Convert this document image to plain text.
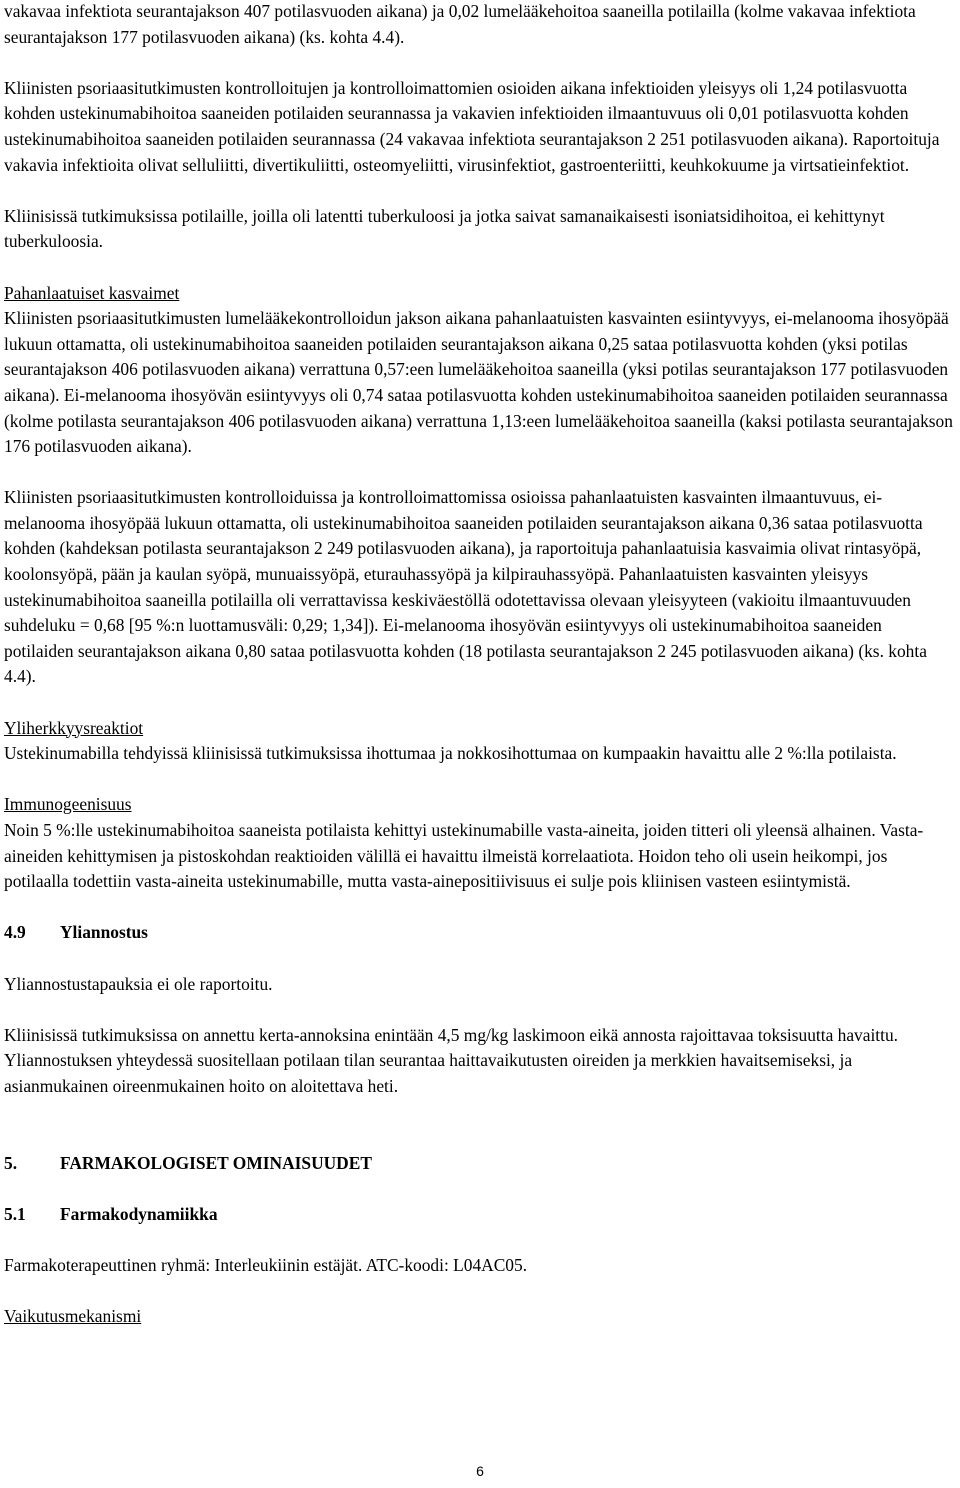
vakavaa infektiota seurantajakson 407 potilasvuoden aikana) ja 0,02 lumelääkehoitoa saaneilla potilailla (kolme vakavaa infektiota seurantajakson 177 potilasvuoden aikana) (ks. kohta 4.4).

Kliinisten psoriaasitutkimusten kontrolloitujen ja kontrolloimattomien osioiden aikana infektioiden yleisyys oli 1,24 potilasvuotta kohden ustekinumabihoitoa saaneiden potilaiden seurannassa ja vakavien infektioiden ilmaantuvuus oli 0,01 potilasvuotta kohden ustekinumabihoitoa saaneiden potilaiden seurannassa (24 vakavaa infektiota seurantajakson 2 251 potilasvuoden aikana). Raportoituja vakavia infektioita olivat selluliitti, divertikuliitti, osteomyeliitti, virusinfektiot, gastroenteriitti, keuhkokuume ja virtsatieinfektiot.

Kliinisissä tutkimuksissa potilaille, joilla oli latentti tuberkuloosi ja jotka saivat samanaikaisesti isoniatsidihoitoa, ei kehittynyt tuberkuloosia.

Pahanlaatuiset kasvaimet

Kliinisten psoriaasitutkimusten lumelääkekontrolloidun jakson aikana pahanlaatuisten kasvainten esiintyvyys, ei-melanooma ihosyöpää lukuun ottamatta, oli ustekinumabihoitoa saaneiden potilaiden seurantajakson aikana 0,25 sataa potilasvuotta kohden (yksi potilas seurantajakson 406 potilasvuoden aikana) verrattuna 0,57:een lumelääkehoitoa saaneilla (yksi potilas seurantajakson 177 potilasvuoden aikana). Ei-melanooma ihosyövän esiintyvyys oli 0,74 sataa potilasvuotta kohden ustekinumabihoitoa saaneiden potilaiden seurannassa (kolme potilasta seurantajakson 406 potilasvuoden aikana) verrattuna 1,13:een lumelääkehoitoa saaneilla (kaksi potilasta seurantajakson 176 potilasvuoden aikana).

Kliinisten psoriaasitutkimusten kontrolloiduissa ja kontrolloimattomissa osioissa pahanlaatuisten kasvainten ilmaantuvuus, ei-melanooma ihosyöpää lukuun ottamatta, oli ustekinumabihoitoa saaneiden potilaiden seurantajakson aikana 0,36 sataa potilasvuotta kohden (kahdeksan potilasta seurantajakson 2 249 potilasvuoden aikana), ja raportoituja pahanlaatuisia kasvaimia olivat rintasyöpä, koolonsyöpä, pään ja kaulan syöpä, munuaissyöpä, eturauhassyöpä ja kilpirauhassyöpä. Pahanlaatuisten kasvainten yleisyys ustekinumabihoitoa saaneilla potilailla oli verrattavissa keskiväestöllä odotettavissa olevaan yleisyyteen (vakioitu ilmaantuvuuden suhdeluku = 0,68 [95 %:n luottamusväli: 0,29; 1,34]). Ei-melanooma ihosyövän esiintyvyys oli ustekinumabihoitoa saaneiden potilaiden seurantajakson aikana 0,80 sataa potilasvuotta kohden (18 potilasta seurantajakson 2 245 potilasvuoden aikana) (ks. kohta 4.4).

Yliherkkyysreaktiot

Ustekinumabilla tehdyissä kliinisissä tutkimuksissa ihottumaa ja nokkosihottumaa on kumpaakin havaittu alle 2 %:lla potilaista.

Immunogeenisuus

Noin 5 %:lle ustekinumabihoitoa saaneista potilaista kehittyi ustekinumabille vasta-aineita, joiden titteri oli yleensä alhainen. Vasta-aineiden kehittymisen ja pistoskohdan reaktioiden välillä ei havaittu ilmeistä korrelaatiota. Hoidon teho oli usein heikompi, jos potilaalla todettiin vasta-aineita ustekinumabille, mutta vasta-ainepositiivisuus ei sulje pois kliinisen vasteen esiintymistä.

4.9 Yliannostus

Yliannostustapauksia ei ole raportoitu.

Kliinisissä tutkimuksissa on annettu kerta-annoksina enintään 4,5 mg/kg laskimoon eikä annosta rajoittavaa toksisuutta havaittu. Yliannostuksen yhteydessä suositellaan potilaan tilan seurantaa haittavaikutusten oireiden ja merkkien havaitsemiseksi, ja asianmukainen oireenmukainen hoito on aloitettava heti.

5. FARMAKOLOGISET OMINAISUUDET

5.1 Farmakodynamiikka

Farmakoterapeuttinen ryhmä: Interleukiinin estäjät. ATC-koodi: L04AC05.

Vaikutusmekanismi

6
